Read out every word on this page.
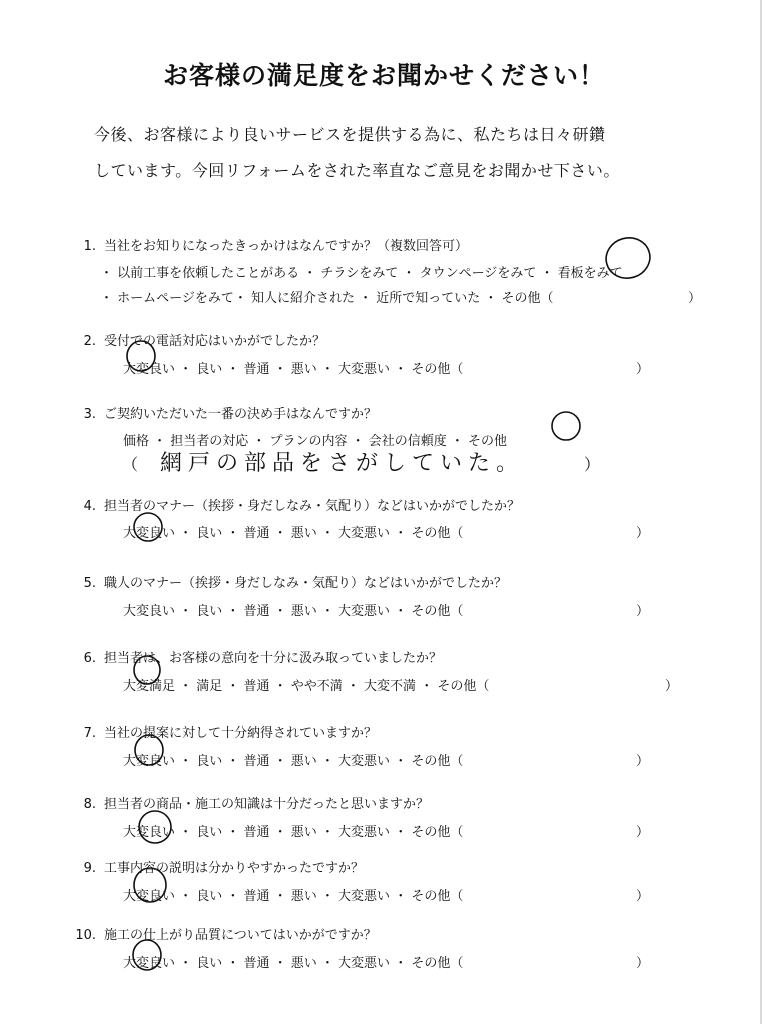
お客様の満足度をお聞かせください！
今後、お客様により良いサービスを提供する為に、私たちは日々研鑽
しています。今回リフォームをされた率直なご意見をお聞かせ下さい。
1. 当社をお知りになったきっかけはなんですか？（複数回答可）
・ 以前工事を依頼したことがある ・ チラシをみて ・ タウンページをみて ・ 看板をみて
・ ホームページをみて・ 知人に紹介された ・ 近所で知っていた ・ その他（	）
2. 受付での電話対応はいかがでしたか？
大変良い ・ 良い ・ 普通 ・ 悪い ・ 大変悪い ・ その他（	）
3. ご契約いただいた一番の決め手はなんですか？
価格 ・ 担当者の対応 ・ プランの内容 ・ 会社の信頼度 ・ その他
（ 網戸の部品をさがしていた。	）
4. 担当者のマナー（挨拶・身だしなみ・気配り）などはいかがでしたか？
大変良い ・ 良い ・ 普通 ・ 悪い ・ 大変悪い ・ その他（	）
5. 職人のマナー（挨拶・身だしなみ・気配り）などはいかがでしたか？
大変良い ・ 良い ・ 普通 ・ 悪い ・ 大変悪い ・ その他（	）
6. 担当者は、お客様の意向を十分に汲み取っていましたか？
大変満足 ・ 満足 ・ 普通 ・ やや不満 ・ 大変不満 ・ その他（	）
7. 当社の提案に対して十分納得されていますか？
大変良い ・ 良い ・ 普通 ・ 悪い ・ 大変悪い ・ その他（	）
8. 担当者の商品・施工の知識は十分だったと思いますか？
大変良い ・ 良い ・ 普通 ・ 悪い ・ 大変悪い ・ その他（	）
9. 工事内容の説明は分かりやすかったですか？
大変良い ・ 良い ・ 普通 ・ 悪い ・ 大変悪い ・ その他（	）
10. 施工の仕上がり品質についてはいかがですか？
大変良い ・ 良い ・ 普通 ・ 悪い ・ 大変悪い ・ その他（	）
